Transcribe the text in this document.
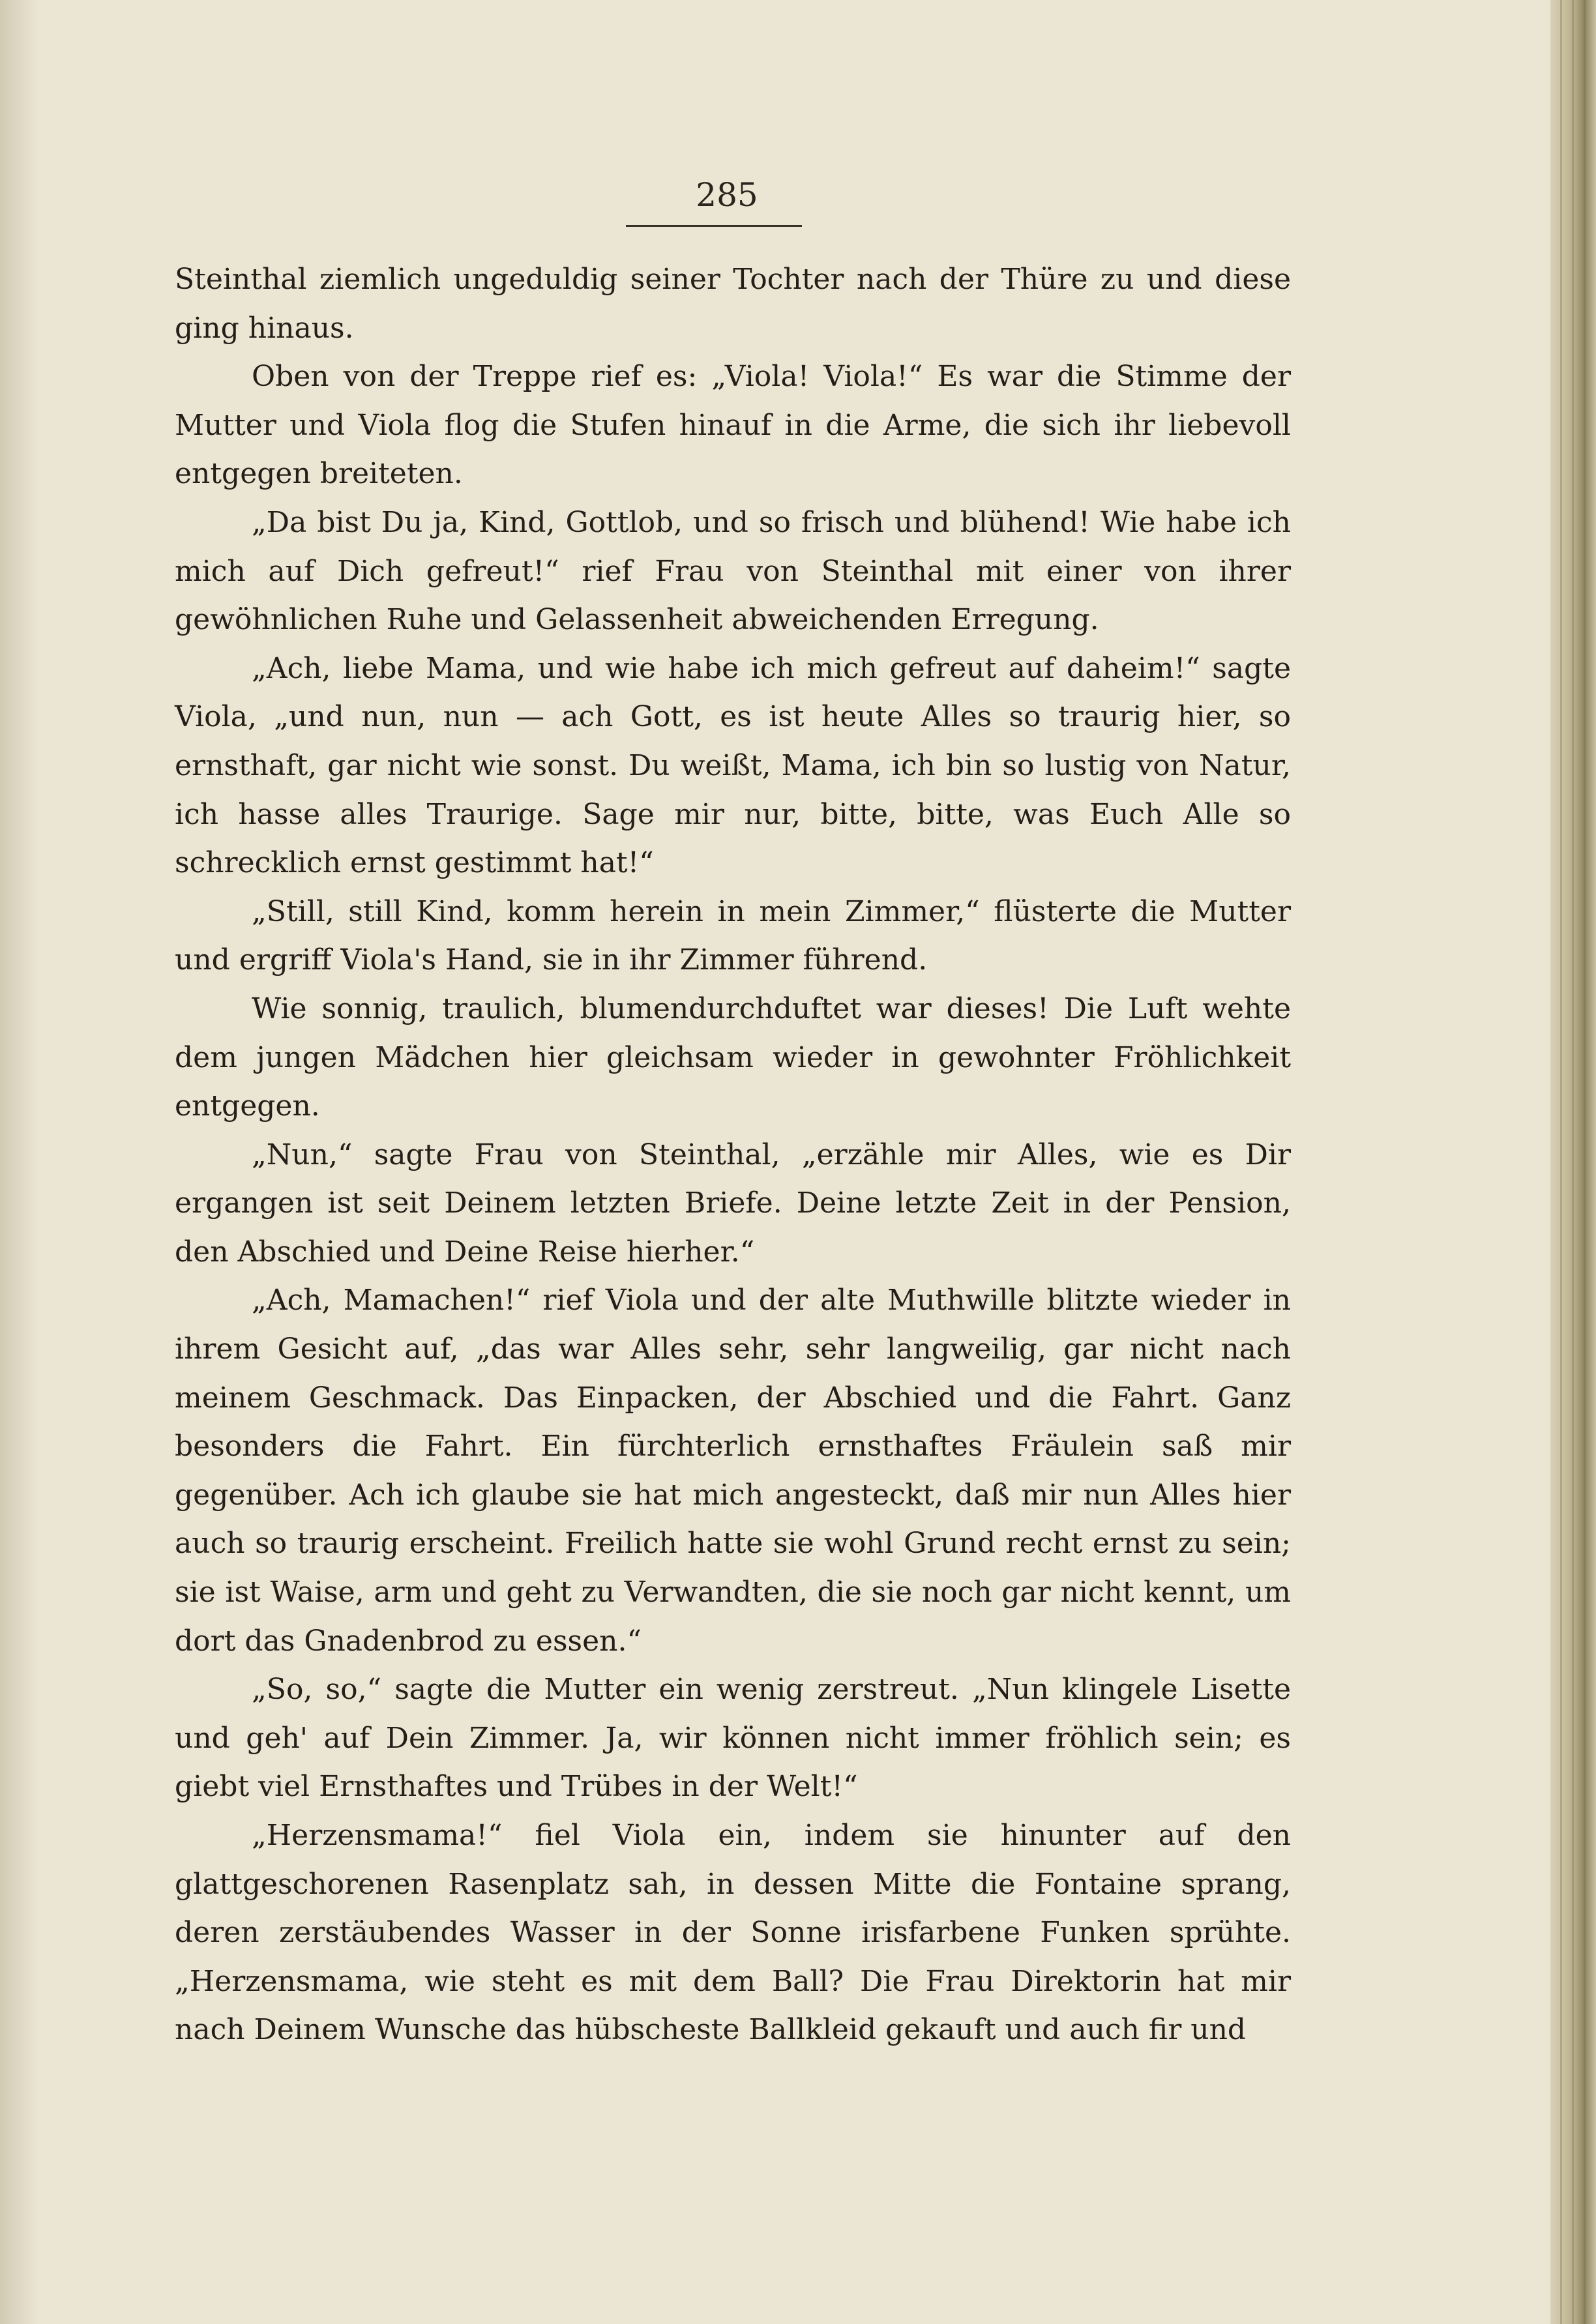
285

Steinthal ziemlich ungeduldig seiner Tochter nach der Thüre zu und diese ging hinaus.

Oben von der Treppe rief es: „Viola! Viola!“ Es war die Stimme der Mutter und Viola flog die Stufen hinauf in die Arme, die sich ihr liebevoll entgegen breiteten.

„Da bist Du ja, Kind, Gottlob, und so frisch und blühend! Wie habe ich mich auf Dich gefreut!“ rief Frau von Steinthal mit einer von ihrer gewöhnlichen Ruhe und Gelassenheit abweichenden Erregung.

„Ach, liebe Mama, und wie habe ich mich gefreut auf daheim!“ sagte Viola, „und nun, nun — ach Gott, es ist heute Alles so traurig hier, so ernsthaft, gar nicht wie sonst. Du weißt, Mama, ich bin so lustig von Natur, ich hasse alles Traurige. Sage mir nur, bitte, bitte, was Euch Alle so schrecklich ernst gestimmt hat!“

„Still, still Kind, komm herein in mein Zimmer,“ flüsterte die Mutter und ergriff Viola's Hand, sie in ihr Zimmer führend.

Wie sonnig, traulich, blumendurchduftet war dieses! Die Luft wehte dem jungen Mädchen hier gleichsam wieder in gewohnter Fröhlichkeit entgegen.

„Nun,“ sagte Frau von Steinthal, „erzähle mir Alles, wie es Dir ergangen ist seit Deinem letzten Briefe. Deine letzte Zeit in der Pension, den Abschied und Deine Reise hierher.“

„Ach, Mamachen!“ rief Viola und der alte Muthwille blitzte wieder in ihrem Gesicht auf, „das war Alles sehr, sehr langweilig, gar nicht nach meinem Geschmack. Das Einpacken, der Abschied und die Fahrt. Ganz besonders die Fahrt. Ein fürchterlich ernsthaftes Fräulein saß mir gegenüber. Ach ich glaube sie hat mich angesteckt, daß mir nun Alles hier auch so traurig erscheint. Freilich hatte sie wohl Grund recht ernst zu sein; sie ist Waise, arm und geht zu Verwandten, die sie noch gar nicht kennt, um dort das Gnadenbrod zu essen.“

„So, so,“ sagte die Mutter ein wenig zerstreut. „Nun klingele Lisette und geh' auf Dein Zimmer. Ja, wir können nicht immer fröhlich sein; es giebt viel Ernsthaftes und Trübes in der Welt!“

„Herzensmama!“ fiel Viola ein, indem sie hinunter auf den glattgeschorenen Rasenplatz sah, in dessen Mitte die Fontaine sprang, deren zerstäubendes Wasser in der Sonne irisfarbene Funken sprühte. „Herzensmama, wie steht es mit dem Ball? Die Frau Direktorin hat mir nach Deinem Wunsche das hübscheste Ballkleid gekauft und auch fir und
